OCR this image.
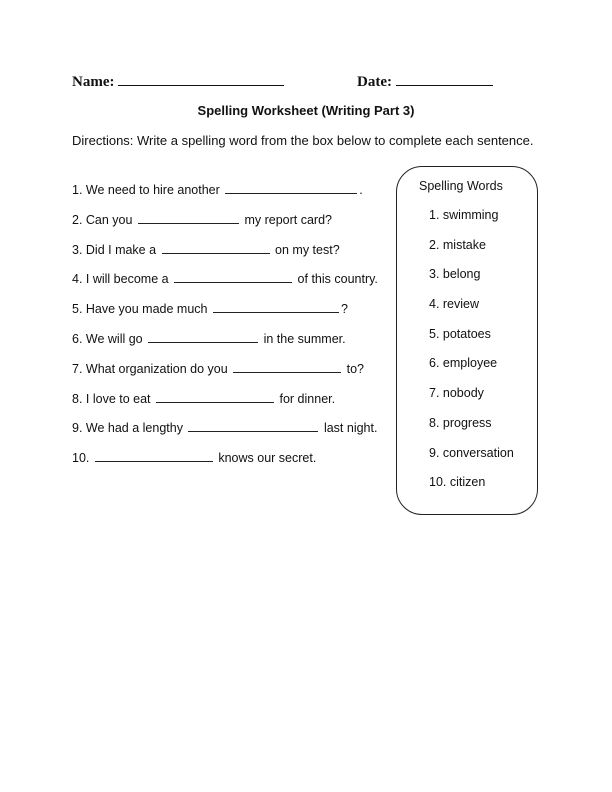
Name:	Date:
Spelling Worksheet (Writing Part 3)
Directions: Write a spelling word from the box below to complete each sentence.
1. We need to hire another	.
2. Can you	my report card?
3. Did I make a	on my test?
4. I will become a	of this country.
5. Have you made much	?
6. We will go	in the summer.
7. What organization do you	to?
8. I love to eat	for dinner.
9. We had a lengthy	last night.
10.	knows our secret.
Spelling Words
1. swimming
2. mistake
3. belong
4. review
5. potatoes
6. employee
7. nobody
8. progress
9. conversation
10. citizen
